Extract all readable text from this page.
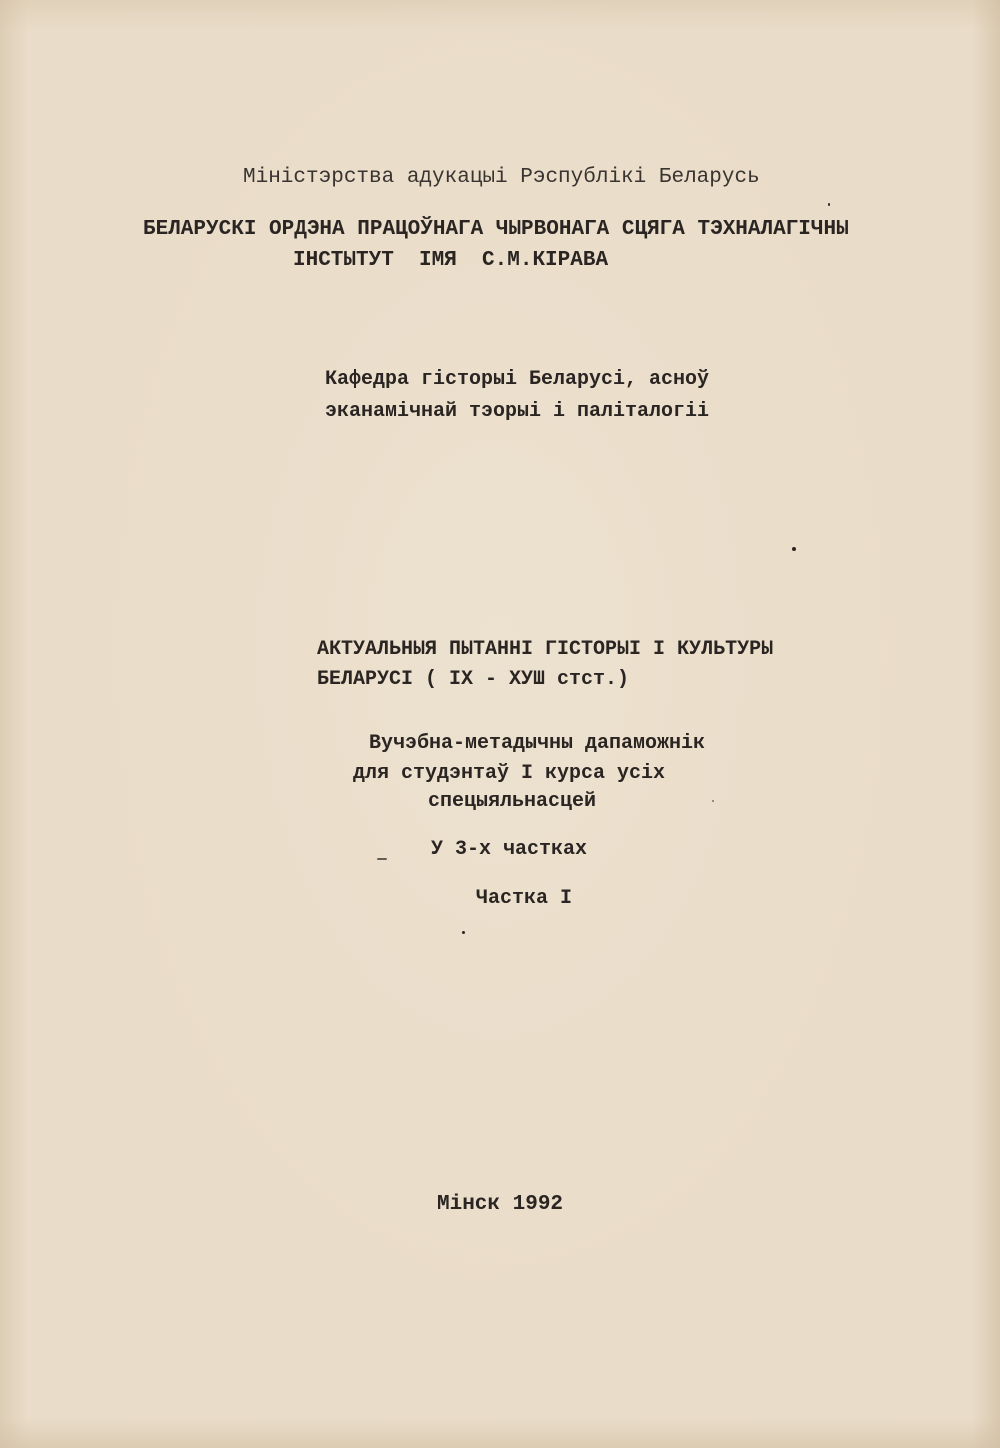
Мiнiстэрства адукацыi Рэспублiкi Беларусь
БЕЛАРУСКI ОРДЭНА ПРАЦОЎНАГА ЧЫРВОНАГА СЦЯГА ТЭХНАЛАГIЧНЫ
IНСТЫТУТ  IМЯ  С.М.КIРАВА
Кафедра гiсторыi Беларусi, асноў
эканамiчнай тэорыi i палiталогii
АКТУАЛЬНЫЯ ПЫТАННI ГIСТОРЫI I КУЛЬТУРЫ
БЕЛАРУСI ( IX - ХУШ стст.)
Вучэбна-метадычны дапаможнiк
для студэнтаў I курса усiх
спецыяльнасцей
У 3-х частках
Частка I
Мiнск 1992
